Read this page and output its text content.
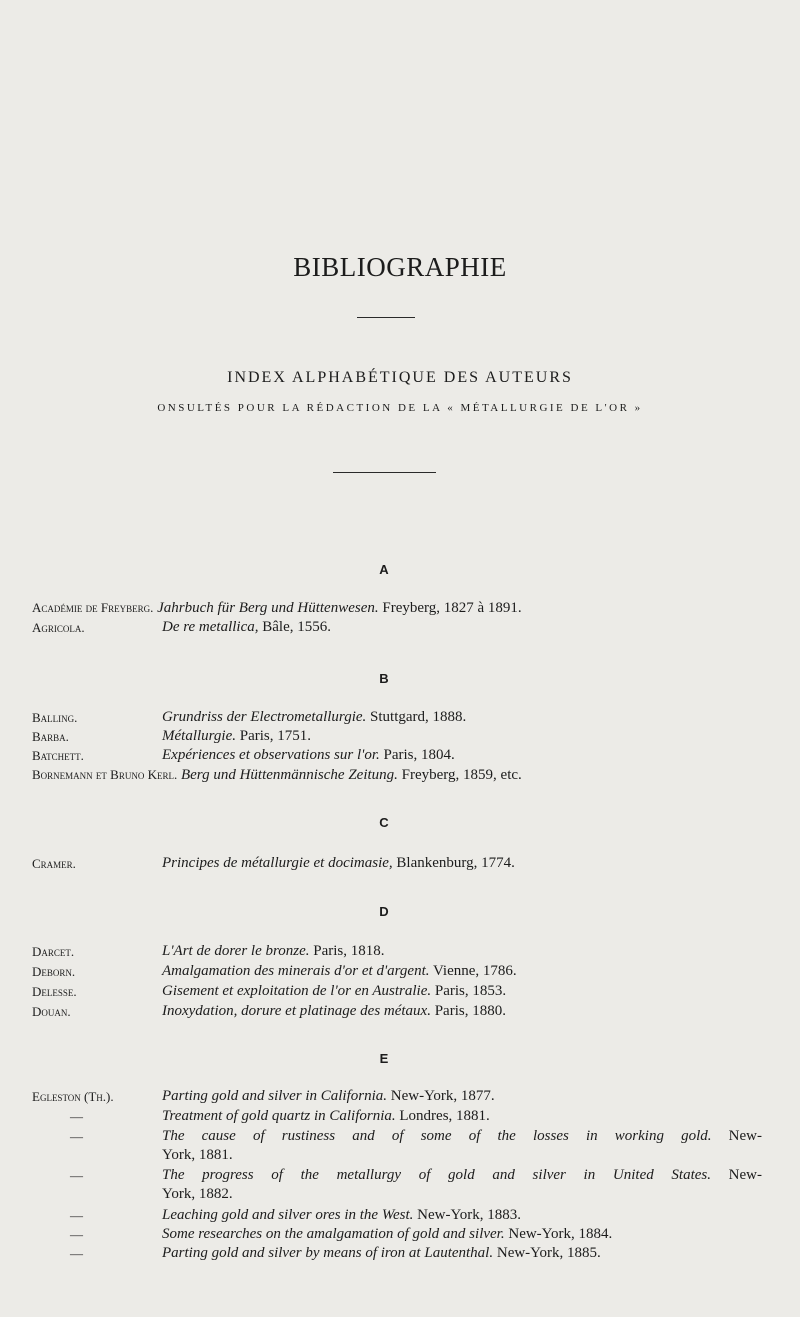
BIBLIOGRAPHIE
INDEX ALPHABÉTIQUE DES AUTEURS
ONSULTÉS POUR LA RÉDACTION DE LA « MÉTALLURGIE DE L'OR »
A
Académie de Freyberg. Jahrbuch für Berg und Hüttenwesen. Freyberg, 1827 à 1891.
Agricola.	De re metallica, Bâle, 1556.
B
Balling.	Grundriss der Electrometallurgie. Stuttgard, 1888.
Barba.	Métallurgie. Paris, 1751.
Batchett.	Expériences et observations sur l'or. Paris, 1804.
Bornemann et Bruno Kerl. Berg und Hüttenmännische Zeitung. Freyberg, 1859, etc.
C
Cramer.	Principes de métallurgie et docimasie, Blankenburg, 1774.
D
Darcet.	L'Art de dorer le bronze. Paris, 1818.
Deborn.	Amalgamation des minerais d'or et d'argent. Vienne, 1786.
Delesse.	Gisement et exploitation de l'or en Australie. Paris, 1853.
Douan.	Inoxydation, dorure et platinage des métaux. Paris, 1880.
E
Egleston (Th.).	Parting gold and silver in California. New-York, 1877.
—	Treatment of gold quartz in California. Londres, 1881.
—	The cause of rustiness and of some of the losses in working gold. New-
York, 1881.
—	The progress of the metallurgy of gold and silver in United States. New-
York, 1882.
—	Leaching gold and silver ores in the West. New-York, 1883.
—	Some researches on the amalgamation of gold and silver. New-York, 1884.
—	Parting gold and silver by means of iron at Lautenthal. New-York, 1885.
